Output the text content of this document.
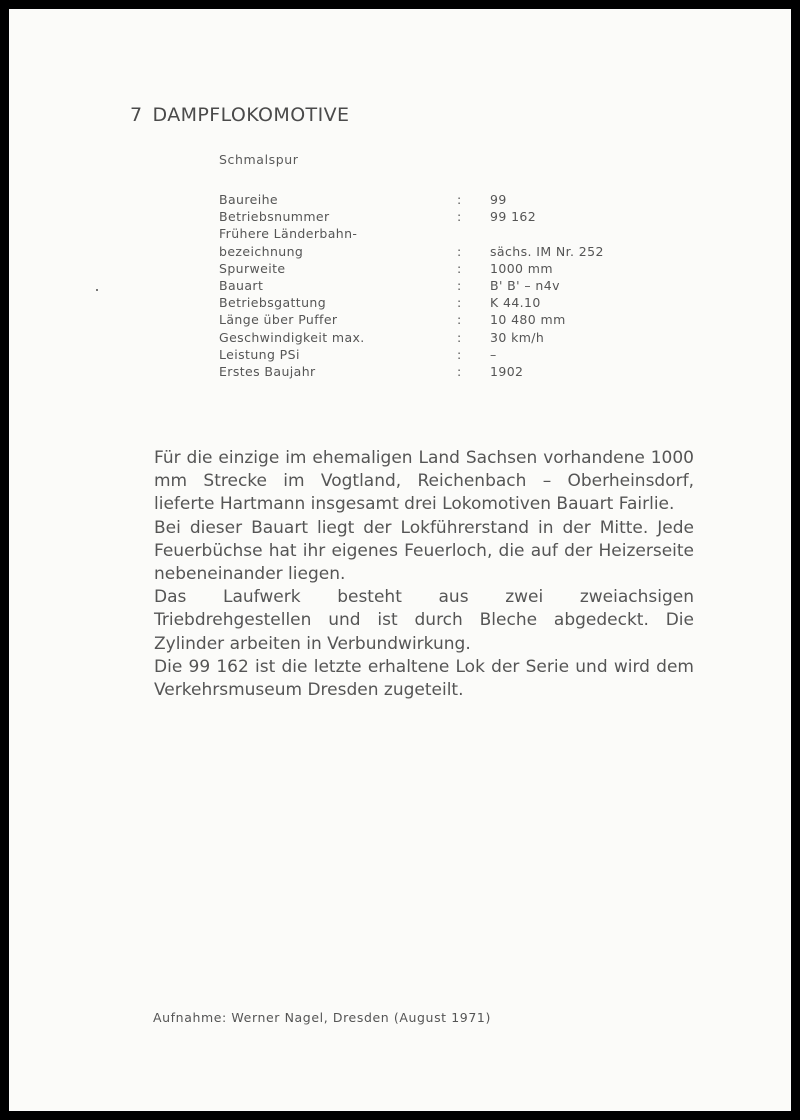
7 DAMPFLOKOMOTIVE
Schmalspur
Baureihe	: 99
Betriebsnummer	: 99 162
Frühere Länderbahn-
bezeichnung	: sächs. IM Nr. 252
Spurweite	: 1000 mm
Bauart	: B' B' – n4v
Betriebsgattung	: K 44.10
Länge über Puffer	: 10 480 mm
Geschwindigkeit max.	: 30 km/h
Leistung PSi	: –
Erstes Baujahr	: 1902

Für die einzige im ehemaligen Land Sachsen vorhandene 1000 mm Strecke im Vogtland, Reichenbach – Oberheinsdorf, lieferte Hartmann insgesamt drei Lokomotiven Bauart Fairlie.

Bei dieser Bauart liegt der Lokführerstand in der Mitte. Jede Feuerbüchse hat ihr eigenes Feuerloch, die auf der Heizerseite nebeneinander liegen.

Das Laufwerk besteht aus zwei zweiachsigen Triebdrehgestellen und ist durch Bleche abgedeckt. Die Zylinder arbeiten in Verbundwirkung.

Die 99 162 ist die letzte erhaltene Lok der Serie und wird dem Verkehrsmuseum Dresden zugeteilt.

Aufnahme: Werner Nagel, Dresden (August 1971)
